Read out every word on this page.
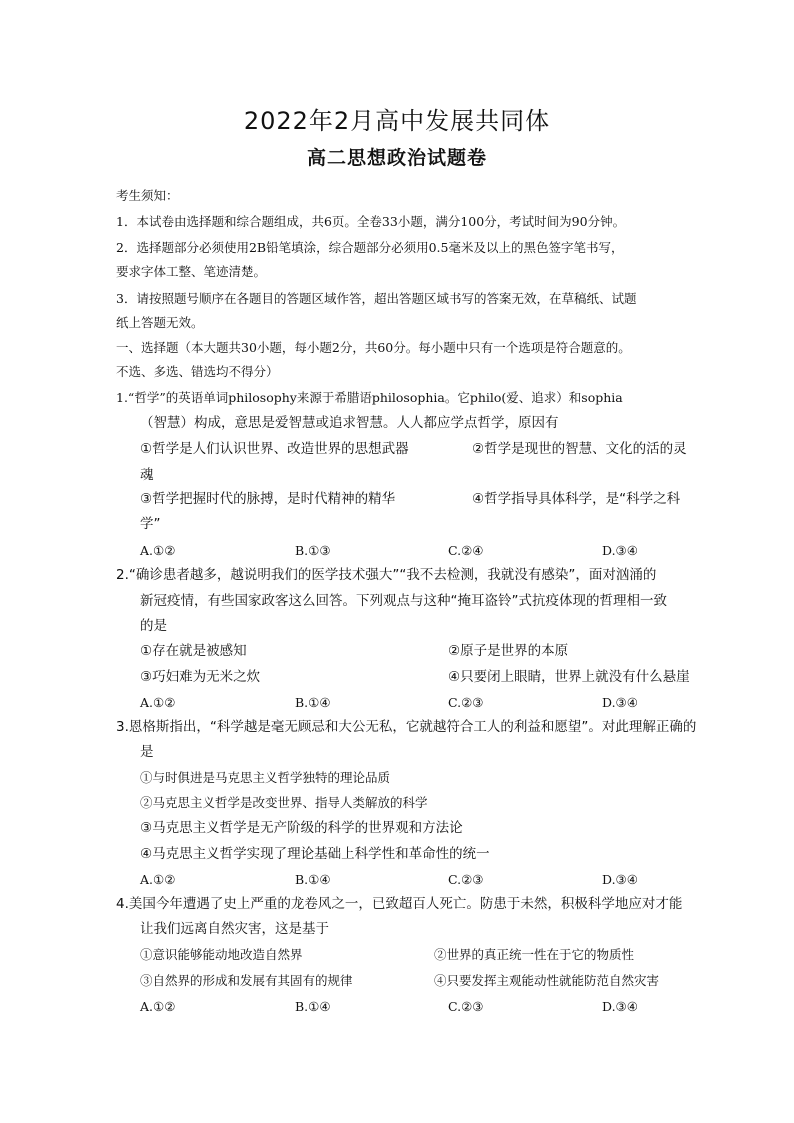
2022年2月高中发展共同体
高二思想政治试题卷
考生须知：
1．本试卷由选择题和综合题组成，共6页。全卷33小题，满分100分，考试时间为90分钟。
2．选择题部分必须使用2B铅笔填涂，综合题部分必须用0.5毫米及以上的黑色签字笔书写，
要求字体工整、笔迹清楚。
3．请按照题号顺序在各题目的答题区域作答，超出答题区域书写的答案无效，在草稿纸、试题
纸上答题无效。
一、选择题（本大题共30小题，每小题2分，共60分。每小题中只有一个选项是符合题意的。
不选、多选、错选均不得分）
1.“哲学”的英语单词philosophy来源于希腊语philosophia。它philo(爱、追求）和sophia
（智慧）构成，意思是爱智慧或追求智慧。人人都应学点哲学，原因有
①哲学是人们认识世界、改造世界的思想武器	②哲学是现世的智慧、文化的活的灵
魂
③哲学把握时代的脉搏，是时代精神的精华	④哲学指导具体科学，是“科学之科
学”
A.①②	B.①③	C.②④	D.③④
2.“确诊患者越多，越说明我们的医学技术强大”“我不去检测，我就没有感染”，面对汹涌的
新冠疫情，有些国家政客这么回答。下列观点与这种“掩耳盗铃”式抗疫体现的哲理相一致
的是
①存在就是被感知	②原子是世界的本原
③巧妇难为无米之炊	④只要闭上眼睛，世界上就没有什么悬崖
A.①②	B.①④	C.②③	D.③④
3.恩格斯指出，“科学越是毫无顾忌和大公无私，它就越符合工人的利益和愿望”。对此理解正确的
是
①与时俱进是马克思主义哲学独特的理论品质
②马克思主义哲学是改变世界、指导人类解放的科学
③马克思主义哲学是无产阶级的科学的世界观和方法论
④马克思主义哲学实现了理论基础上科学性和革命性的统一
A.①②	B.①④	C.②③	D.③④
4.美国今年遭遇了史上严重的龙卷风之一，已致超百人死亡。防患于未然，积极科学地应对才能
让我们远离自然灾害，这是基于
①意识能够能动地改造自然界	②世界的真正统一性在于它的物质性
③自然界的形成和发展有其固有的规律	④只要发挥主观能动性就能防范自然灾害
A.①②	B.①④	C.②③	D.③④
